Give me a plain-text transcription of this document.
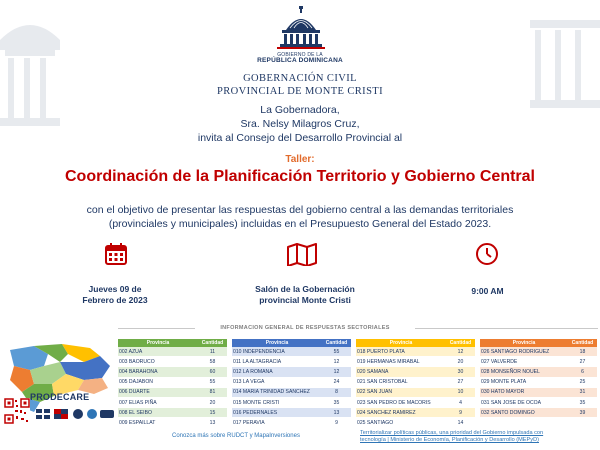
GOBIERNO DE LA
REPÚBLICA DOMINICANA
GOBERNACIÓN CIVIL
PROVINCIAL DE MONTE CRISTI
La Gobernadora,
Sra. Nelsy Milagros Cruz,
invita al Consejo del Desarrollo Provincial al
Taller:
Coordinación de la Planificación Territorio y Gobierno Central
con el objetivo de presentar las respuestas del gobierno central a las demandas territoriales
(provinciales y municipales) incluidas en el Presupuesto General del Estado 2023.
Jueves 09 de
Febrero de 2023
Salón de la Gobernación
provincial Monte Cristi
9:00 AM
INFORMACION GENERAL DE RESPUESTAS SECTORIALES
PRODECARE
Provincia	Cantidad
002 AZUA	11
003 BAORUCO	58
004 BARAHONA	60
005 DAJABON	55
006 DUARTE	81
007 ELIAS PIÑA	20
008 EL SEIBO	15
009 ESPAILLAT	13
Provincia	Cantidad
010 INDEPENDENCIA	55
011 LA ALTAGRACIA	12
012 LA ROMANA	12
013 LA VEGA	24
014 MARIA TRINIDAD SANCHEZ	8
015 MONTE CRISTI	35
016 PEDERNALES	13
017 PERAVIA	9
Provincia	Cantidad
018 PUERTO PLATA	12
019 HERMANAS MIRABAL	20
020 SAMANA	30
021 SAN CRISTOBAL	27
022 SAN JUAN	10
023 SAN PEDRO DE MACORIS	4
024 SANCHEZ RAMIREZ	9
025 SANTIAGO	14
Provincia	Cantidad
026 SANTIAGO RODRIGUEZ	18
027 VALVERDE	27
028 MONSEÑOR NOUEL	6
029 MONTE PLATA	25
030 HATO MAYOR	31
031 SAN JOSE DE OCOA	35
032 SANTO DOMINGO	39

Conozca más sobre RUDCT y MapaInversiones	Territorializar políticas públicas, una prioridad del Gobierno impulsada con
tecnología | Ministerio de Economía, Planificación y Desarrollo (MEPyD)
